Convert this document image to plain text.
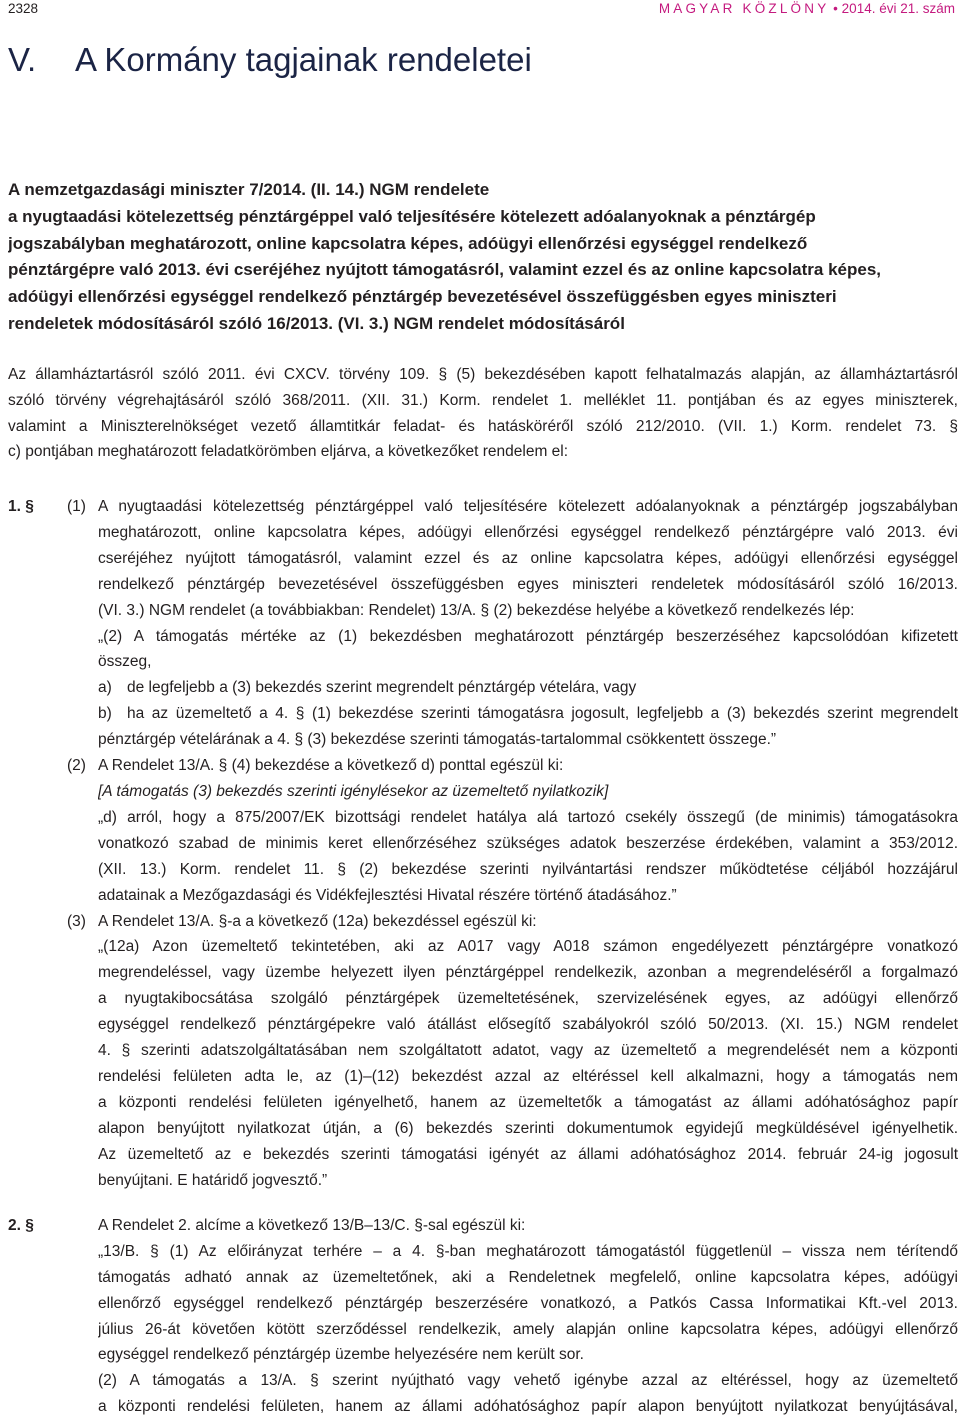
2328	MAGYAR KÖZLÖNY • 2014. évi 21. szám
V. A Kormány tagjainak rendeletei
A nemzetgazdasági miniszter 7/2014. (II. 14.) NGM rendelete
a nyugtaadási kötelezettség pénztárgéppel való teljesítésére kötelezett adóalanyoknak a pénztárgép
jogszabályban meghatározott, online kapcsolatra képes, adóügyi ellenőrzési egységgel rendelkező
pénztárgépre való 2013. évi cseréjéhez nyújtott támogatásról, valamint ezzel és az online kapcsolatra képes,
adóügyi ellenőrzési egységgel rendelkező pénztárgép bevezetésével összefüggésben egyes miniszteri
rendeletek módosításáról szóló 16/2013. (VI. 3.) NGM rendelet módosításáról
Az államháztartásról szóló 2011. évi CXCV. törvény 109. § (5) bekezdésében kapott felhatalmazás alapján, az államháztartásról
szóló törvény végrehajtásáról szóló 368/2011. (XII. 31.) Korm. rendelet 1. melléklet 11. pontjában és az egyes miniszterek,
valamint a Miniszterelnökséget vezető államtitkár feladat- és hatásköréről szóló 212/2010. (VII. 1.) Korm. rendelet 73. §
c) pontjában meghatározott feladatkörömben eljárva, a következőket rendelem el:
1. § (1) A nyugtaadási kötelezettség pénztárgéppel való teljesítésére kötelezett adóalanyoknak a pénztárgép jogszabályban
meghatározott, online kapcsolatra képes, adóügyi ellenőrzési egységgel rendelkező pénztárgépre való 2013. évi
cseréjéhez nyújtott támogatásról, valamint ezzel és az online kapcsolatra képes, adóügyi ellenőrzési egységgel
rendelkező pénztárgép bevezetésével összefüggésben egyes miniszteri rendeletek módosításáról szóló 16/2013.
(VI. 3.) NGM rendelet (a továbbiakban: Rendelet) 13/A. § (2) bekezdése helyébe a következő rendelkezés lép:
„(2) A támogatás mértéke az (1) bekezdésben meghatározott pénztárgép beszerzéséhez kapcsolódóan kifizetett
összeg,
a) de legfeljebb a (3) bekezdés szerint megrendelt pénztárgép vételára, vagy
b) ha az üzemeltető a 4. § (1) bekezdése szerinti támogatásra jogosult, legfeljebb a (3) bekezdés szerint megrendelt
pénztárgép vételárának a 4. § (3) bekezdése szerinti támogatás-tartalommal csökkentett összege.”
(2) A Rendelet 13/A. § (4) bekezdése a következő d) ponttal egészül ki:
[A támogatás (3) bekezdés szerinti igénylésekor az üzemeltető nyilatkozik]
„d) arról, hogy a 875/2007/EK bizottsági rendelet hatálya alá tartozó csekély összegű (de minimis) támogatásokra
vonatkozó szabad de minimis keret ellenőrzéséhez szükséges adatok beszerzése érdekében, valamint a 353/2012.
(XII. 13.) Korm. rendelet 11. § (2) bekezdése szerinti nyilvántartási rendszer működtetése céljából hozzájárul
adatainak a Mezőgazdasági és Vidékfejlesztési Hivatal részére történő átadásához.”
(3) A Rendelet 13/A. §-a a következő (12a) bekezdéssel egészül ki:
„(12a) Azon üzemeltető tekintetében, aki az A017 vagy A018 számon engedélyezett pénztárgépre vonatkozó
megrendeléssel, vagy üzembe helyezett ilyen pénztárgéppel rendelkezik, azonban a megrendeléséről a forgalmazó
a nyugtakibocsátása szolgáló pénztárgépek üzemeltetésének, szervizelésének egyes, az adóügyi ellenőrző
egységgel rendelkező pénztárgépekre való átállást elősegítő szabályokról szóló 50/2013. (XI. 15.) NGM rendelet
4. § szerinti adatszolgáltatásában nem szolgáltatott adatot, vagy az üzemeltető a megrendelését nem a központi
rendelési felületen adta le, az (1)–(12) bekezdést azzal az eltéréssel kell alkalmazni, hogy a támogatás nem
a központi rendelési felületen igényelhető, hanem az üzemeltetők a támogatást az állami adóhatósághoz papír
alapon benyújtott nyilatkozat útján, a (6) bekezdés szerinti dokumentumok egyidejű megküldésével igényelhetik.
Az üzemeltető az e bekezdés szerinti támogatási igényét az állami adóhatósághoz 2014. február 24-ig jogosult
benyújtani. E határidő jogvesztő.”
2. §	A Rendelet 2. alcíme a következő 13/B–13/C. §-sal egészül ki:
„13/B. § (1) Az előirányzat terhére – a 4. §-ban meghatározott támogatástól függetlenül – vissza nem térítendő
támogatás adható annak az üzemeltetőnek, aki a Rendeletnek megfelelő, online kapcsolatra képes, adóügyi
ellenőrző egységgel rendelkező pénztárgép beszerzésére vonatkozó, a Patkós Cassa Informatikai Kft.-vel 2013.
július 26-át követően kötött szerződéssel rendelkezik, amely alapján online kapcsolatra képes, adóügyi ellenőrző
egységgel rendelkező pénztárgép üzembe helyezésére nem került sor.
(2) A támogatás a 13/A. § szerint nyújtható vagy vehető igénybe azzal az eltéréssel, hogy az üzemeltető
a központi rendelési felületen, hanem az állami adóhatósághoz papír alapon benyújtott nyilatkozat benyújtásával,
